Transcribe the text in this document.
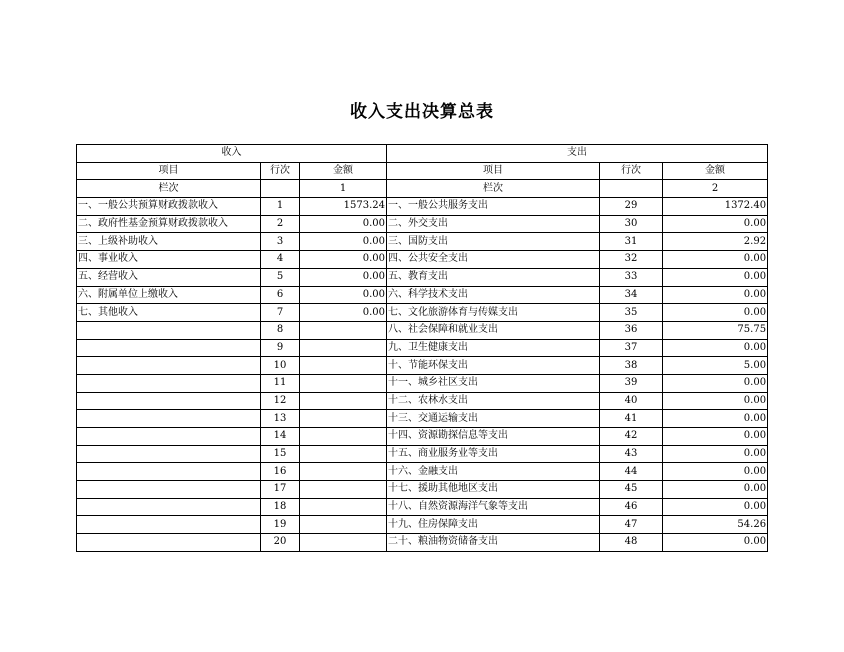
收入支出决算总表
收入			支出		
项目	行次	金额	项目	行次	金额
栏次		1	栏次		2
一、一般公共预算财政拨款收入	1	1573.24	一、一般公共服务支出	29	1372.40
二、政府性基金预算财政拨款收入	2	0.00	二、外交支出	30	0.00
三、上级补助收入	3	0.00	三、国防支出	31	2.92
四、事业收入	4	0.00	四、公共安全支出	32	0.00
五、经营收入	5	0.00	五、教育支出	33	0.00
六、附属单位上缴收入	6	0.00	六、科学技术支出	34	0.00
七、其他收入	7	0.00	七、文化旅游体育与传媒支出	35	0.00
	8		八、社会保障和就业支出	36	75.75
	9		九、卫生健康支出	37	0.00
	10		十、节能环保支出	38	5.00
	11		十一、城乡社区支出	39	0.00
	12		十二、农林水支出	40	0.00
	13		十三、交通运输支出	41	0.00
	14		十四、资源勘探信息等支出	42	0.00
	15		十五、商业服务业等支出	43	0.00
	16		十六、金融支出	44	0.00
	17		十七、援助其他地区支出	45	0.00
	18		十八、自然资源海洋气象等支出	46	0.00
	19		十九、住房保障支出	47	54.26
	20		二十、粮油物资储备支出	48	0.00
